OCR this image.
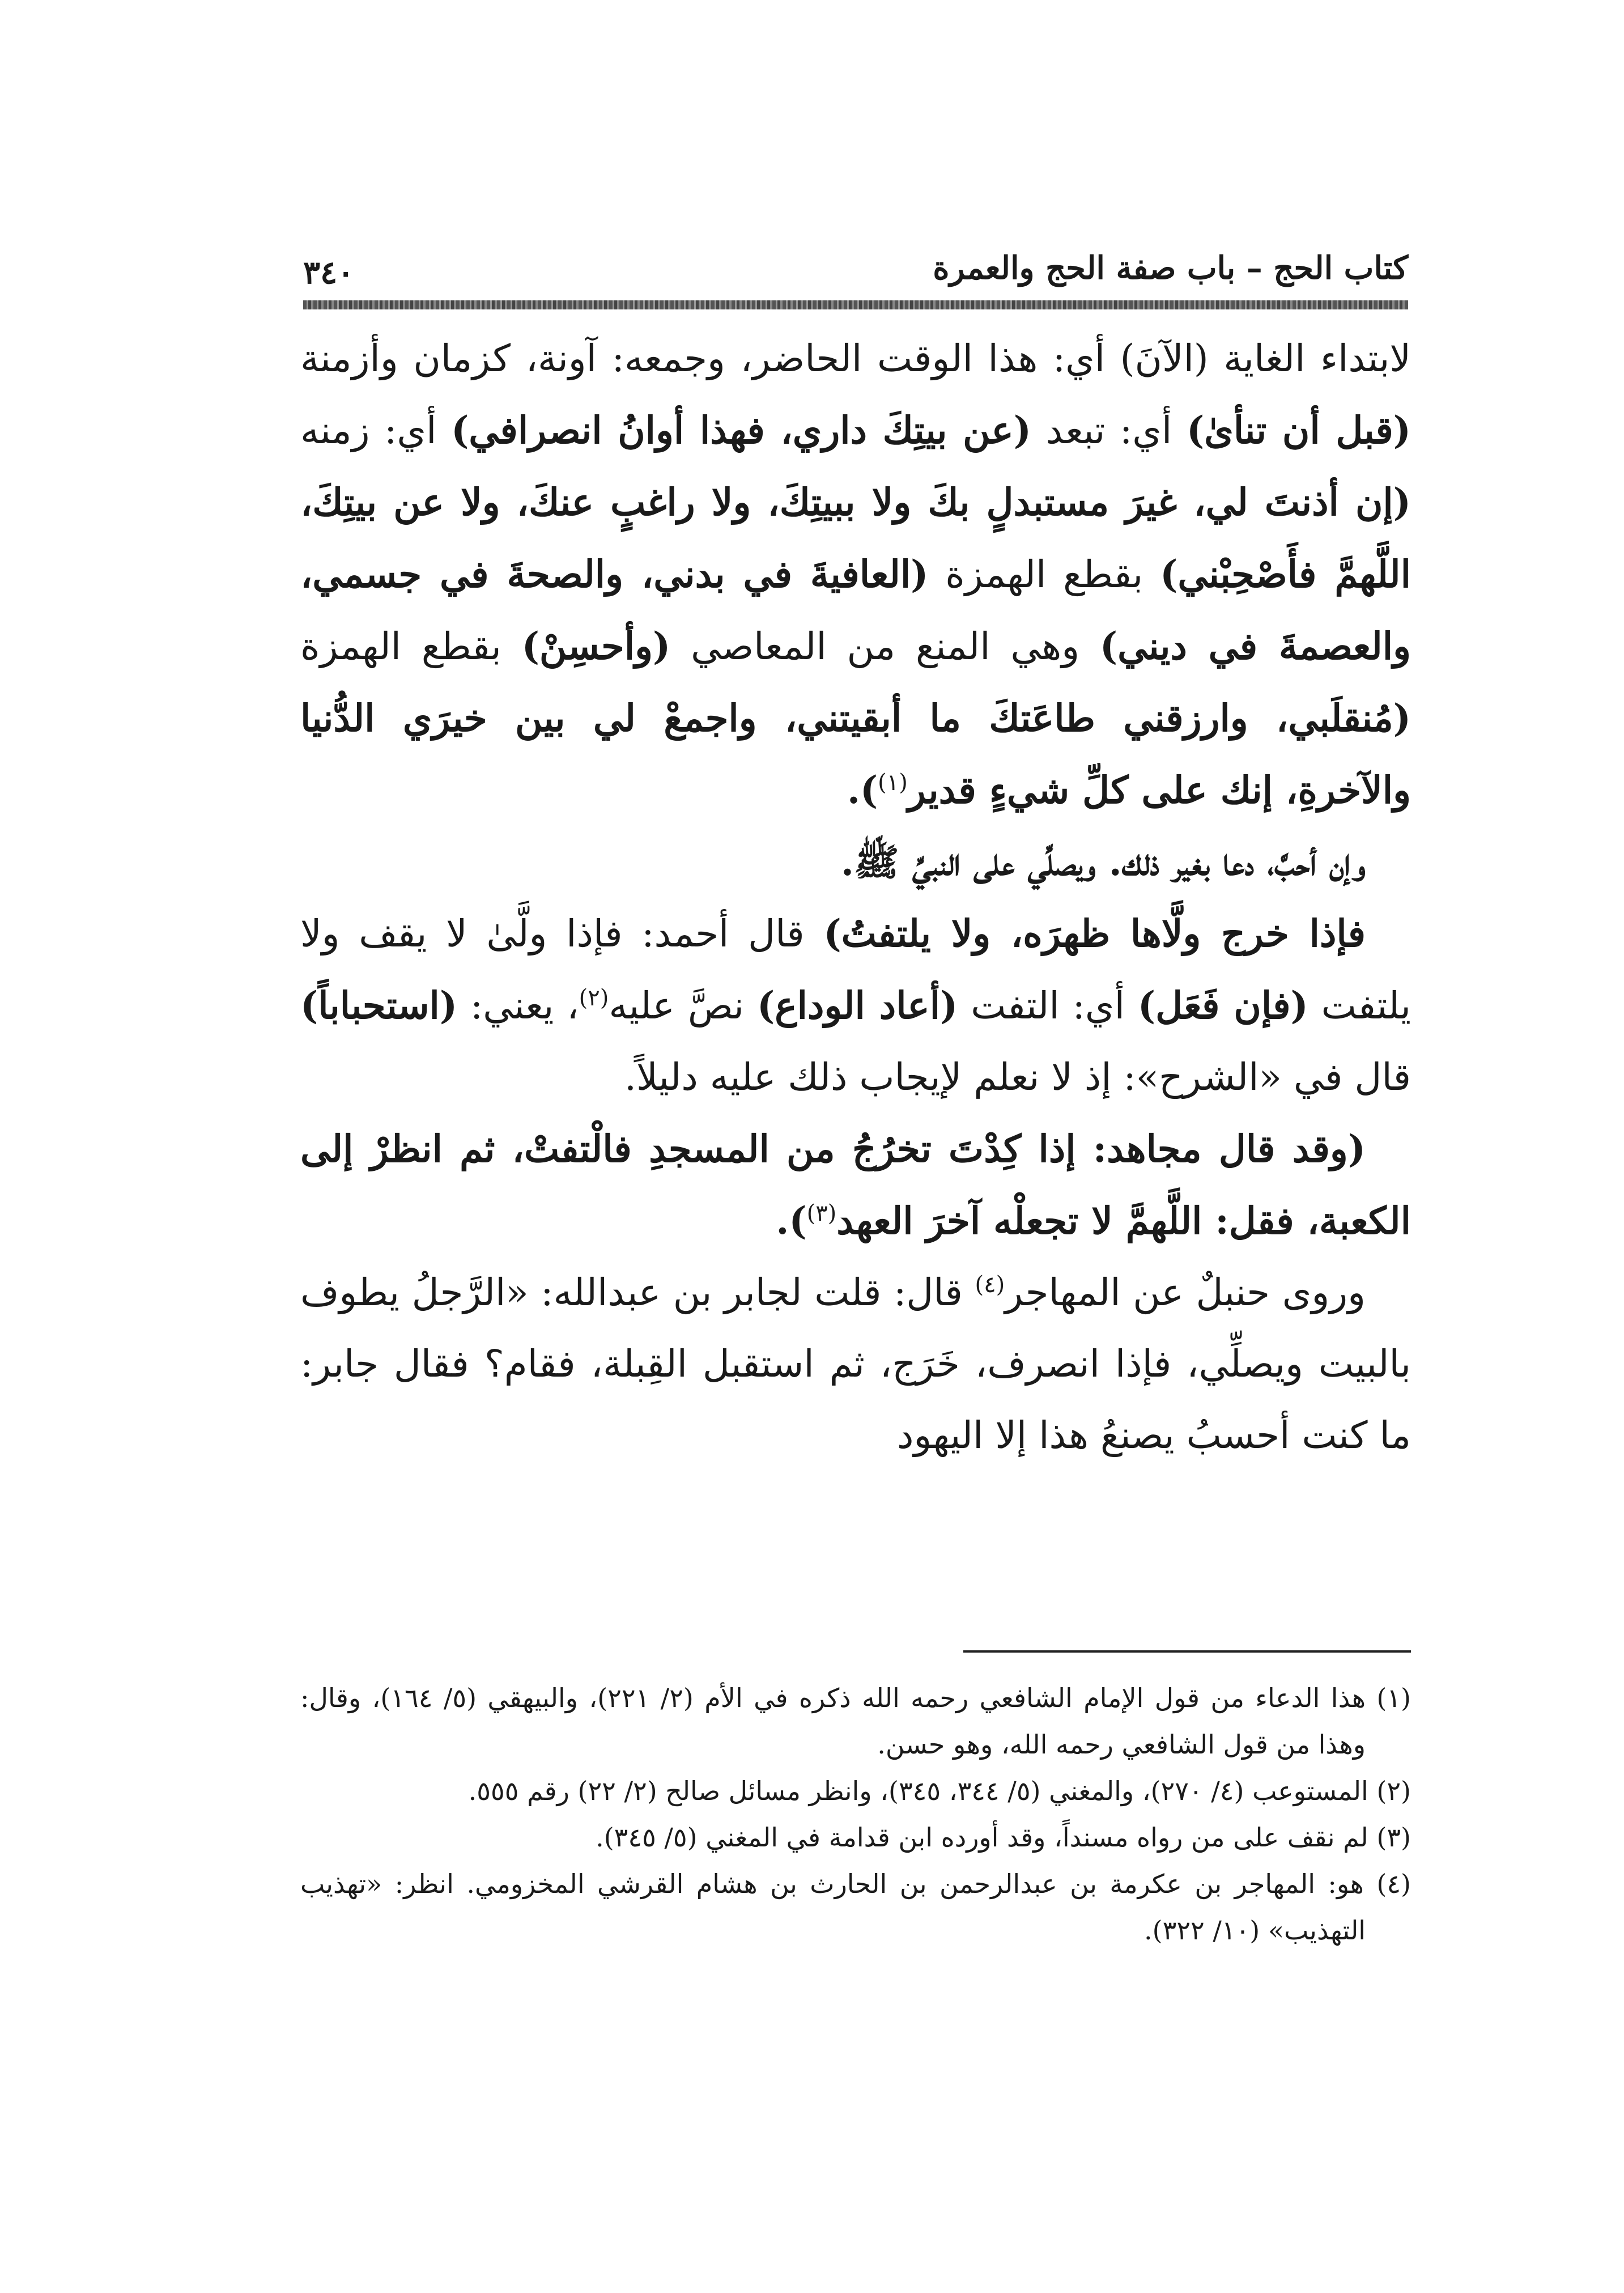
كتاب الحج – باب صفة الحج والعمرة
٣٤٠

لابتداء الغاية (الآنَ) أي: هذا الوقت الحاضر، وجمعه: آونة، كزمان وأزمنة (قبل أن تنأىٰ) أي: تبعد (عن بيتِكَ داري، فهذا أوانُ انصرافي) أي: زمنه (إن أذنتَ لي، غيرَ مستبدلٍ بكَ ولا ببيتِكَ، ولا راغبٍ عنكَ، ولا عن بيتِكَ، اللَّهمَّ فأَصْحِبْني) بقطع الهمزة (العافيةَ في بدني، والصحةَ في جسمي، والعصمةَ في ديني) وهي المنع من المعاصي (وأحسِنْ) بقطع الهمزة (مُنقلَبي، وارزقني طاعَتكَ ما أبقيتني، واجمعْ لي بين خيرَي الدُّنيا والآخرةِ، إنك على كلِّ شيءٍ قدير$^{(١)}$).

وإن أحبَّ، دعا بغير ذلك. ويصلِّي على النبيِّ ﷺ.

فإذا خرج ولَّاها ظهرَه، ولا يلتفتُ) قال أحمد: فإذا ولَّىٰ لا يقف ولا يلتفت (فإن فَعَل) أي: التفت (أعاد الوداع) نصَّ عليه$^{(٢)}$، يعني: (استحباباً) قال في «الشرح»: إذ لا نعلم لإيجاب ذلك عليه دليلاً.

(وقد قال مجاهد: إذا كِدْتَ تخرُجُ من المسجدِ فالْتفتْ، ثم انظرْ إلى الكعبة، فقل: اللَّهمَّ لا تجعلْه آخرَ العهد$^{(٣)}$).

وروى حنبلٌ عن المهاجر$^{(٤)}$ قال: قلت لجابر بن عبدالله: «الرَّجلُ يطوف بالبيت ويصلِّي، فإذا انصرف، خَرَج، ثم استقبل القِبلة، فقام؟ فقال جابر: ما كنت أحسبُ يصنعُ هذا إلا اليهود

(١) هذا الدعاء من قول الإمام الشافعي رحمه الله ذكره في الأم (٢/ ٢٢١)، والبيهقي (٥/ ١٦٤)، وقال: وهذا من قول الشافعي رحمه الله، وهو حسن.

(٢) المستوعب (٤/ ٢٧٠)، والمغني (٥/ ٣٤٤، ٣٤٥)، وانظر مسائل صالح (٢/ ٢٢) رقم ٥٥٥.

(٣) لم نقف على من رواه مسنداً، وقد أورده ابن قدامة في المغني (٥/ ٣٤٥).

(٤) هو: المهاجر بن عكرمة بن عبدالرحمن بن الحارث بن هشام القرشي المخزومي. انظر: «تهذيب التهذيب» (١٠/ ٣٢٢).
